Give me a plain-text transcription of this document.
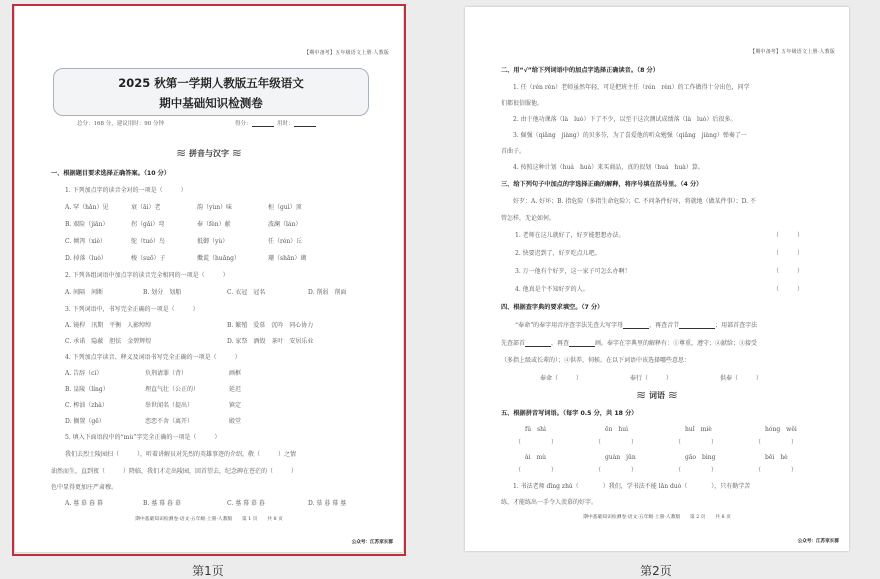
【期中备考】五年级语文上册·人教版
2025 秋第一学期人教版五年级语文
期中基础知识检测卷
总分：168 分，建议用时：90 分钟	得分：	用时：
≋ 拼音与汉字 ≋
一、根据题目要求选择正确答案。（10 分）
1. 下列加点字的读音全对的一项是（　　　）
A. 罕（hǎn）见	衰（āi）老	韵（yùn）味	柜（guì）顶
B. 艰险（jiān）	拐（gǎi）弯	奉（fèn）献	波澜（lán）
C. 倾泻（xiè）	鸵（tuó）鸟	抵御（yù）	任（rén）丘
D. 掉落（luò）	梭（suō）子	擞谎（huǎng）	珊（shān）瑚
2. 下列各组词语中加点字的读音完全相同的一项是（　　　）
A. 间隔　间断	B. 划分　划船	C. 衣冠　冠名	D. 削弱　削面
3. 下列词语中，书写完全正确的一项是（　　　）
A. 镜桿　汛期　平衡　人影绰绰	B. 繁殖　爱慕　沉吟　同心协力
C. 承诺　隐蔽　胆怯　金碧辉煌	D. 家祭　酒毁　茶叶　安居乐业
4. 下列加点字读音、释义及词语书写完全正确的一项是（　　　）
A. 告辞（cí）	负荆请罪（背）	画框
B. 皇陵（líng）	理直气壮（公正的）	延迟
C. 榨油（zhà）	举世闻名（提出）	镇定
D. 搁置（gē）	恋恋不舍（离开）	殿堂
5. 填入下面语段中的“mù”字完全正确的一项是（　　　）
我们去烈士陵园扫（　　　），听着讲解员对先烈的英雄事迹的介绍，敬（　　　）之情
油然而生，直到夜（　　　）降临，我们才走出陵园，回首望去，纪念碑在苍茫的（　　　）
色中显得更加庄严肃穆。
A. 墓 慕 暮 幕	B. 墓 幕 暮 慕	C. 墓 幕 慕 暮	D. 慕 暮 幕 墓
期中基础知识检测卷·语文·五年级·上册·人教版　　第 1 页　　共 8 页
公众号：江苏家长群
第1页
【期中备考】五年级语文上册·人教版
二、用“√”给下列词语中的加点字选择正确读音。（8 分）
1. 任（rén rèn）老师虽然年轻，可是把班主任（rén　rèn）的工作做得十分出色，同学
们都很信服他。
2. 由于他功课落（là　luò）下了不少，以至于这次测试成绩落（là　luò）后很多。
3. 倔强（qiǎng　jiàng）的贝多芬，为了喜爱他的听众勉强（qiǎng　jiàng）弹奏了一
首曲子。
4. 按照这种计划（huá　huà）来买商品，真的很划（huá　huà）算。
三、给下列句子中加点的字选择正确的解释，将序号填在括号里。（4 分）
好歹：A. 好坏；B. 指危险（多指生命危险）；C. 不问条件好坏，将就地（做某件事）；D. 不
管怎样，无论如何。
1. 老师在这儿就好了，好歹能想想办法。	（　　　）
2. 快要迟到了，好歹吃点儿吧。	（　　　）
3. 万一他有个好歹，这一家子可怎么办啊！	（　　　）
4. 他真是个不知好歹的人。	（　　　）
四、根据查字典的要求填空。（7 分）
“奉命”的奉字用音序查字法先查大写字母	，再查音节	；用部首查字法
先查部首	，再查	画。奉字在字典里的解释有：①尊重，遵守；②献给；③接受
（多指上级或长辈的）；④供养，伺候。在以下词语中该选择哪些意思：
奉命（　　　）	奉行（　　　）	供奉（　　　）
≋ 词语 ≋
五、根据拼音写词语。（每字 0.5 分，共 18 分）
fǔ　shì	ēn　huì	huǐ　miè	hóng　wěi
（　　　　　）	（　　　　　）	（　　　　　）	（　　　　　）
ài　mù	guàn　jūn	gāo　bìng	bēi　hè
（　　　　　）	（　　　　　）	（　　　　　）	（　　　　　）
1. 书法老师 dīng zhǔ（　　　　）我们，学书法不能 lǎn duò（　　　　），只有勤学苦
练，才能练出一手令人羡慕的好字。
期中基础知识检测卷·语文·五年级·上册·人教版　　第 2 页　　共 8 页
公众号：江苏家长群
第2页
